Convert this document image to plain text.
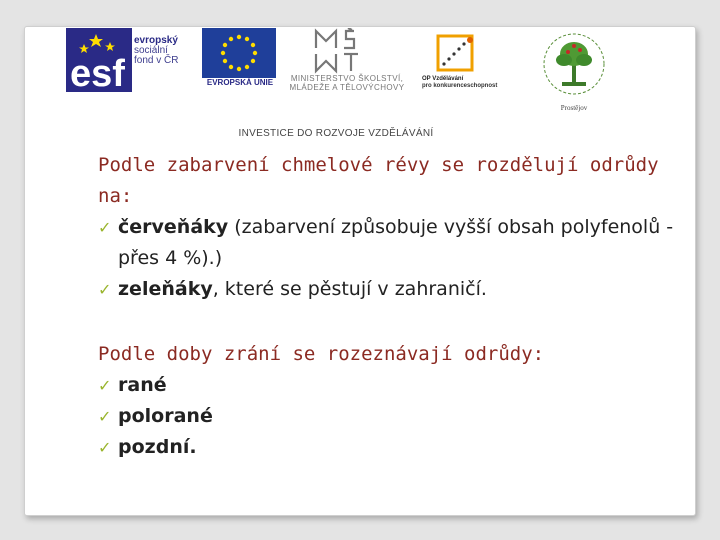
esf
evropský
sociální
fond v ČR
EVROPSKÁ UNIE	MINISTERSTVO ŠKOLSTVÍ,
MLÁDEŽE A TĚLOVÝCHOVY
OP Vzdělávání
pro konkurenceschopnost
Prostějov
INVESTICE DO ROZVOJE VZDĚLÁVÁNÍ
Podle zabarvení chmelové révy se rozdělují odrůdy na:
✓ červeňáky (zabarvení způsobuje vyšší obsah polyfenolů - přes 4 %).)
✓ zeleňáky, které se pěstují v zahraničí.
Podle doby zrání se rozeznávají odrůdy:
✓ rané
✓ polorané
✓ pozdní.
